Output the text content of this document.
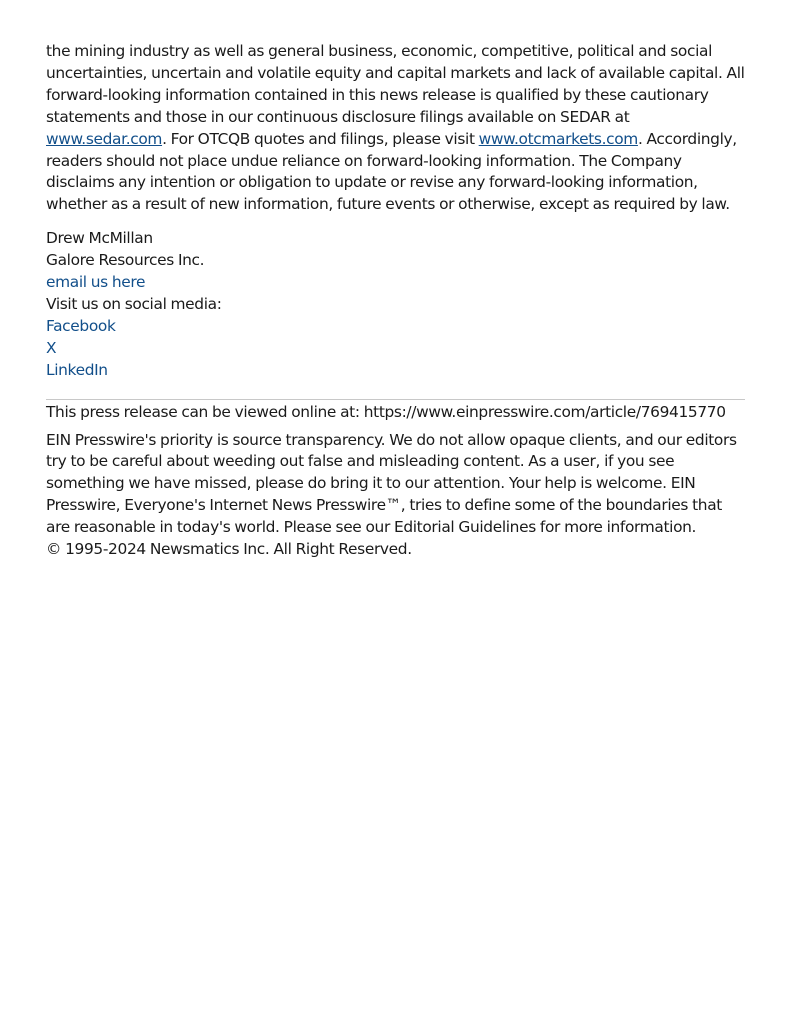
the mining industry as well as general business, economic, competitive, political and social uncertainties, uncertain and volatile equity and capital markets and lack of available capital. All forward-looking information contained in this news release is qualified by these cautionary statements and those in our continuous disclosure filings available on SEDAR at www.sedar.com. For OTCQB quotes and filings, please visit www.otcmarkets.com. Accordingly, readers should not place undue reliance on forward-looking information. The Company disclaims any intention or obligation to update or revise any forward-looking information, whether as a result of new information, future events or otherwise, except as required by law.

Drew McMillan
Galore Resources Inc.
email us here
Visit us on social media:
Facebook
X
LinkedIn
This press release can be viewed online at: https://www.einpresswire.com/article/769415770

EIN Presswire's priority is source transparency. We do not allow opaque clients, and our editors try to be careful about weeding out false and misleading content. As a user, if you see something we have missed, please do bring it to our attention. Your help is welcome. EIN Presswire, Everyone's Internet News Presswire™, tries to define some of the boundaries that are reasonable in today's world. Please see our Editorial Guidelines for more information.

© 1995-2024 Newsmatics Inc. All Right Reserved.
